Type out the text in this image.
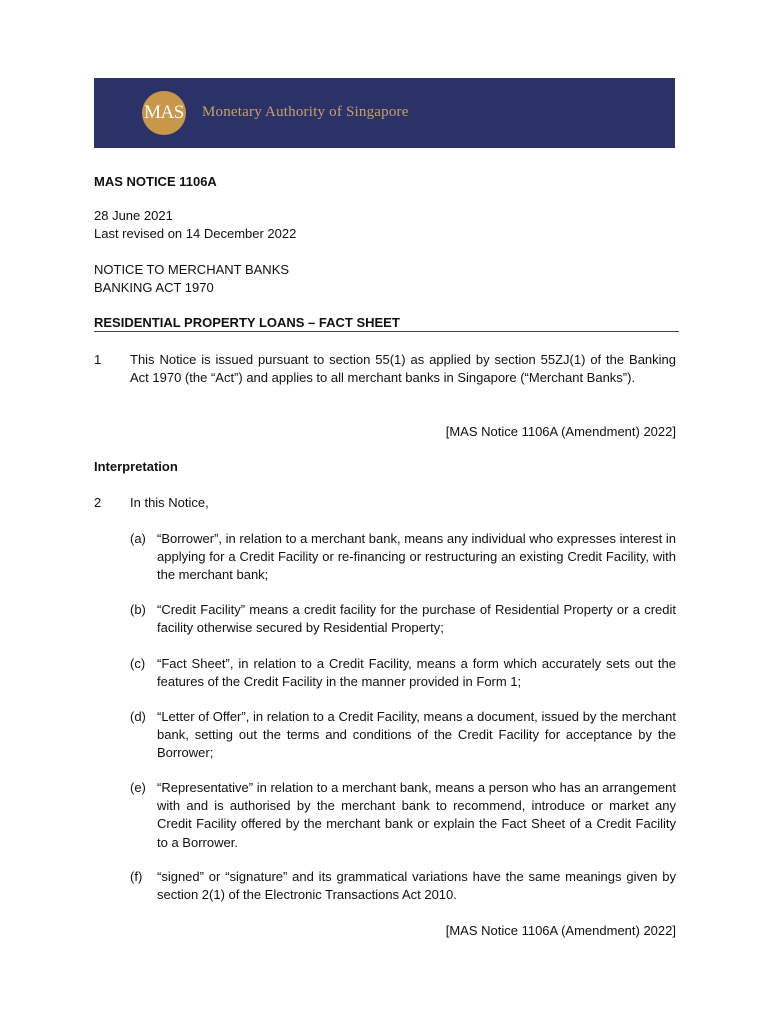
MAS Monetary Authority of Singapore
MAS NOTICE 1106A
28 June 2021
Last revised on 14 December 2022
NOTICE TO MERCHANT BANKS
BANKING ACT 1970
RESIDENTIAL PROPERTY LOANS – FACT SHEET
1 This Notice is issued pursuant to section 55(1) as applied by section 55ZJ(1) of the Banking Act 1970 (the “Act”) and applies to all merchant banks in Singapore (“Merchant Banks”).
[MAS Notice 1106A (Amendment) 2022]
Interpretation
2 In this Notice,
(a) “Borrower”, in relation to a merchant bank, means any individual who expresses interest in applying for a Credit Facility or re-financing or restructuring an existing Credit Facility, with the merchant bank;
(b) “Credit Facility” means a credit facility for the purchase of Residential Property or a credit facility otherwise secured by Residential Property;
(c) “Fact Sheet”, in relation to a Credit Facility, means a form which accurately sets out the features of the Credit Facility in the manner provided in Form 1;
(d) “Letter of Offer”, in relation to a Credit Facility, means a document, issued by the merchant bank, setting out the terms and conditions of the Credit Facility for acceptance by the Borrower;
(e) “Representative” in relation to a merchant bank, means a person who has an arrangement with and is authorised by the merchant bank to recommend, introduce or market any Credit Facility offered by the merchant bank or explain the Fact Sheet of a Credit Facility to a Borrower.
(f) “signed” or “signature” and its grammatical variations have the same meanings given by section 2(1) of the Electronic Transactions Act 2010.
[MAS Notice 1106A (Amendment) 2022]
